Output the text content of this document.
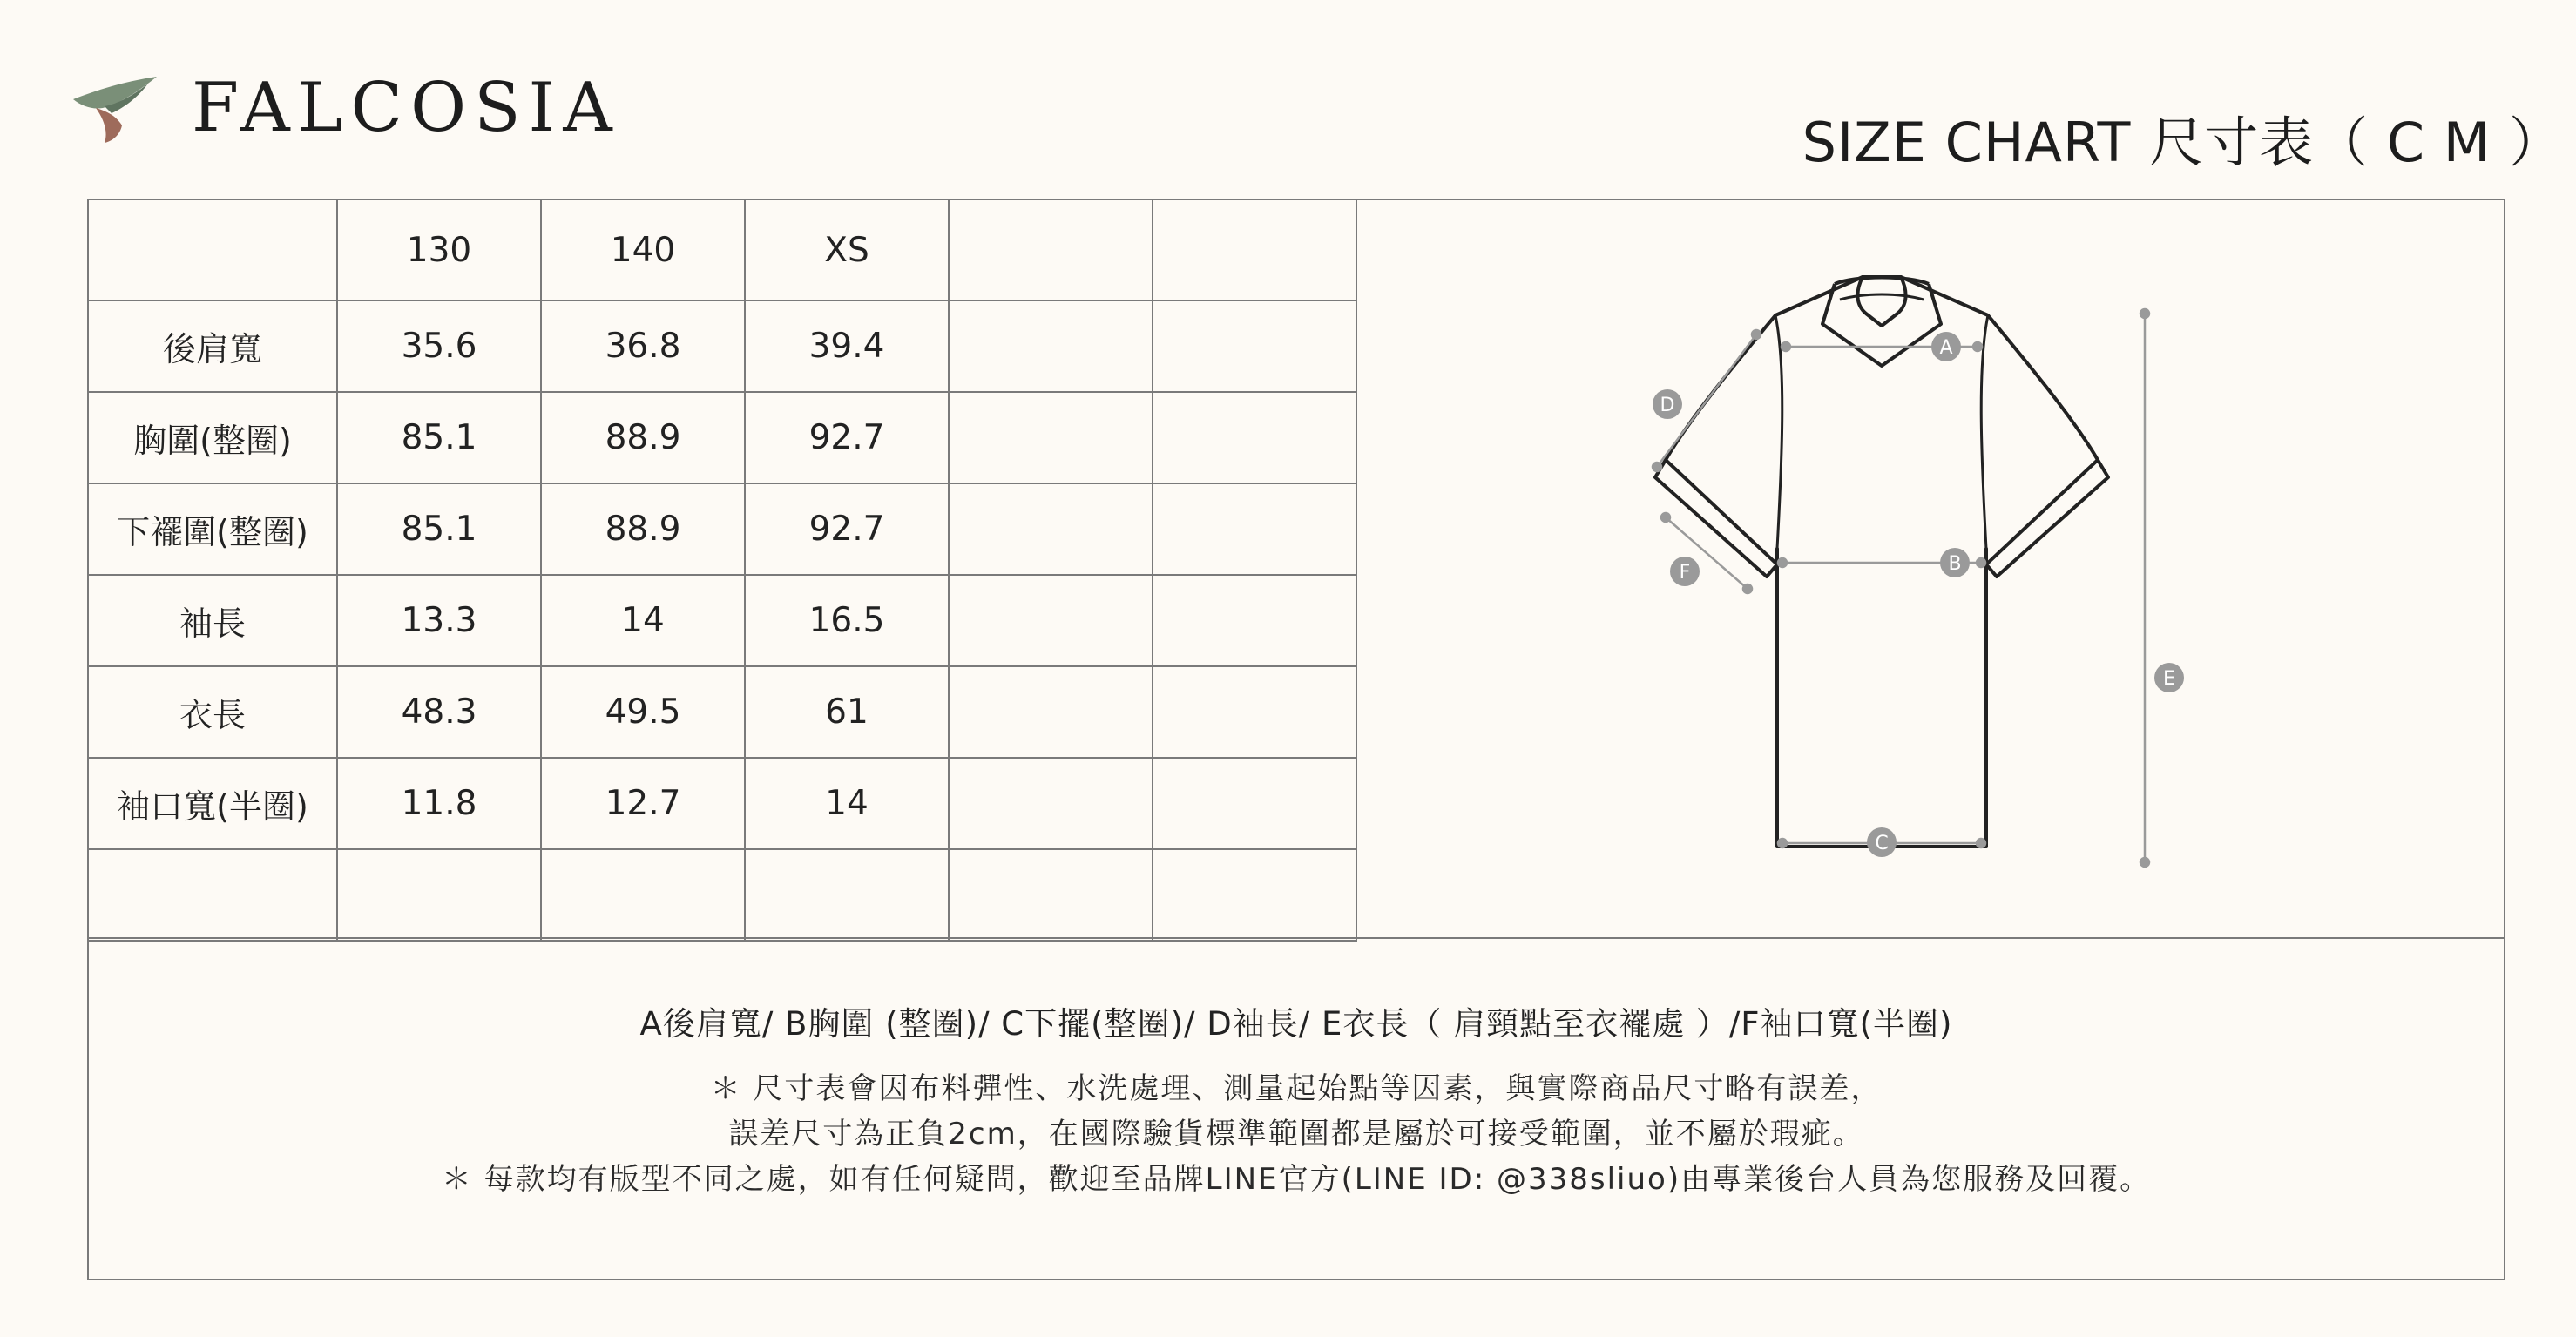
FALCOSIA	SIZE CHART 尺寸表（ C M ）
	130	140	XS		
後肩寬	35.6	36.8	39.4		
胸圍(整圈)	85.1	88.9	92.7		
下襬圍(整圈)	85.1	88.9	92.7		
袖長	13.3	14	16.5		
衣長	48.3	49.5	61		
袖口寬(半圈)	11.8	12.7	14		

A
B
C
D
E
F
A後肩寬/ B胸圍 (整圈)/ C下擺(整圈)/ D袖長/ E衣長（ 肩頸點至衣襬處 ）/F袖口寬(半圈)
＊ 尺寸表會因布料彈性、水洗處理、測量起始點等因素，與實際商品尺寸略有誤差，
誤差尺寸為正負2cm，在國際驗貨標準範圍都是屬於可接受範圍，並不屬於瑕疵。
＊ 每款均有版型不同之處，如有任何疑問，歡迎至品牌LINE官方(LINE ID: @338sliuo)由專業後台人員為您服務及回覆。
